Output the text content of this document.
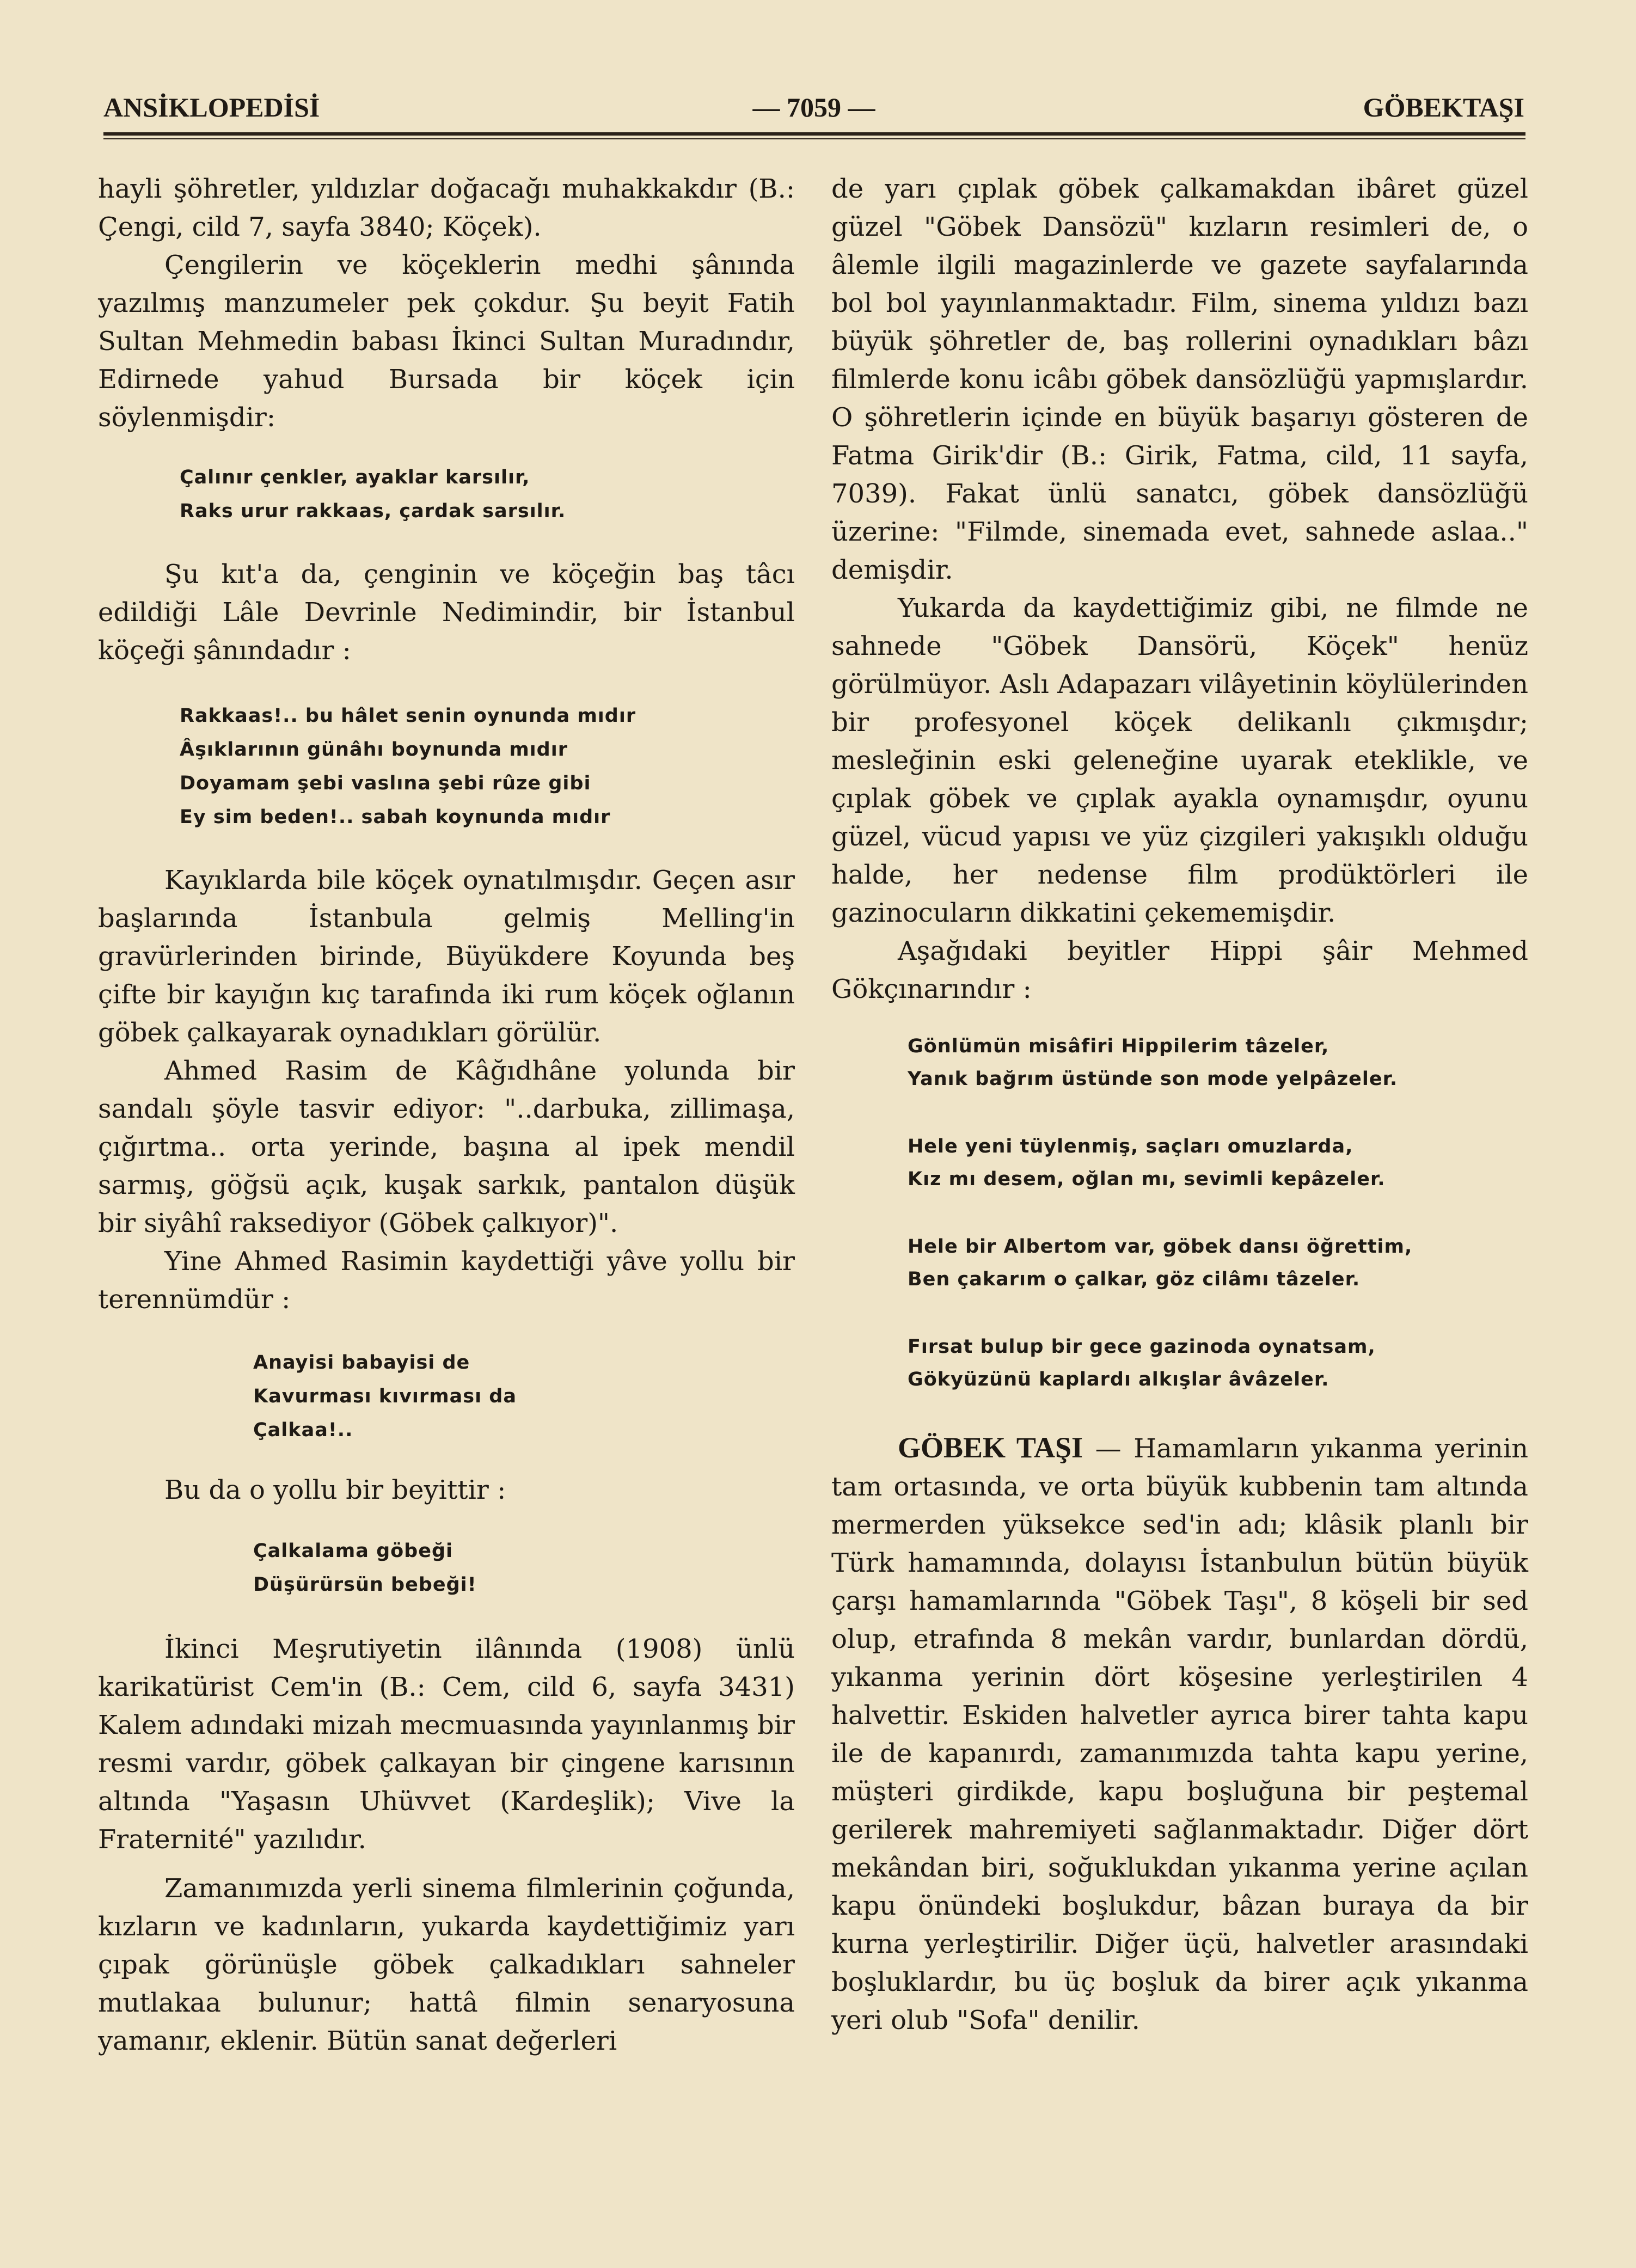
ANSİKLOPEDİSİ	— 7059 —	GÖBEKTAŞI

hayli şöhretler, yıldızlar doğacağı muhakkakdır (B.: Çengi, cild 7, sayfa 3840; Köçek).

Çengilerin ve köçeklerin medhi şânında yazılmış manzumeler pek çokdur. Şu beyit Fatih Sultan Mehmedin babası İkinci Sultan Muradındır, Edirnede yahud Bursada bir köçek için söylenmişdir:

Çalınır çenkler, ayaklar karsılır,
Raks urur rakkaas, çardak sarsılır.

Şu kıt'a da, çenginin ve köçeğin baş tâcı edildiği Lâle Devrinle Nedimindir, bir İstanbul köçeği şânındadır :

Rakkaas!.. bu hâlet senin oynunda mıdır
Âşıklarının günâhı boynunda mıdır
Doyamam şebi vaslına şebi rûze gibi
Ey sim beden!.. sabah koynunda mıdır

Kayıklarda bile köçek oynatılmışdır. Geçen asır başlarında İstanbula gelmiş Melling'in gravürlerinden birinde, Büyükdere Koyunda beş çifte bir kayığın kıç tarafında iki rum köçek oğlanın göbek çalkayarak oynadıkları görülür.

Ahmed Rasim de Kâğıdhâne yolunda bir sandalı şöyle tasvir ediyor: "..darbuka, zillimaşa, çığırtma.. orta yerinde, başına al ipek mendil sarmış, göğsü açık, kuşak sarkık, pantalon düşük bir siyâhî raksediyor (Göbek çalkıyor)".

Yine Ahmed Rasimin kaydettiği yâve yollu bir terennümdür :

Anayisi babayisi de
Kavurması kıvırması da
Çalkaa!..

Bu da o yollu bir beyittir :

Çalkalama göbeği
Düşürürsün bebeği!

İkinci Meşrutiyetin ilânında (1908) ünlü karikatürist Cem'in (B.: Cem, cild 6, sayfa 3431) Kalem adındaki mizah mecmuasında yayınlanmış bir resmi vardır, göbek çalkayan bir çingene karısının altında "Yaşasın Uhüvvet (Kardeşlik); Vive la Fraternité" yazılıdır.

Zamanımızda yerli sinema filmlerinin çoğunda, kızların ve kadınların, yukarda kaydettiğimiz yarı çıpak görünüşle göbek çalkadıkları sahneler mutlakaa bulunur; hattâ filmin senaryosuna yamanır, eklenir. Bütün sanat değerleri

de yarı çıplak göbek çalkamakdan ibâret güzel güzel "Göbek Dansözü" kızların resimleri de, o âlemle ilgili magazinlerde ve gazete sayfalarında bol bol yayınlanmaktadır. Film, sinema yıldızı bazı büyük şöhretler de, baş rollerini oynadıkları bâzı filmlerde konu icâbı göbek dansözlüğü yapmışlardır. O şöhretlerin içinde en büyük başarıyı gösteren de Fatma Girik'dir (B.: Girik, Fatma, cild, 11 sayfa, 7039). Fakat ünlü sanatcı, göbek dansözlüğü üzerine: "Filmde, sinemada evet, sahnede aslaa.." demişdir.

Yukarda da kaydettiğimiz gibi, ne filmde ne sahnede "Göbek Dansörü, Köçek" henüz görülmüyor. Aslı Adapazarı vilâyetinin köylülerinden bir profesyonel köçek delikanlı çıkmışdır; mesleğinin eski geleneğine uyarak eteklikle, ve çıplak göbek ve çıplak ayakla oynamışdır, oyunu güzel, vücud yapısı ve yüz çizgileri yakışıklı olduğu halde, her nedense film prodüktörleri ile gazinocuların dikkatini çekememişdir.

Aşağıdaki beyitler Hippi şâir Mehmed Gökçınarındır :

Gönlümün misâfiri Hippilerim tâzeler,
Yanık bağrım üstünde son mode yelpâzeler.
Hele yeni tüylenmiş, saçları omuzlarda,
Kız mı desem, oğlan mı, sevimli kepâzeler.
Hele bir Albertom var, göbek dansı öğrettim,
Ben çakarım o çalkar, göz cilâmı tâzeler.
Fırsat bulup bir gece gazinoda oynatsam,
Gökyüzünü kaplardı alkışlar âvâzeler.

GÖBEK TAŞI — Hamamların yıkanma yerinin tam ortasında, ve orta büyük kubbenin tam altında mermerden yüksekce sed'in adı; klâsik planlı bir Türk hamamında, dolayısı İstanbulun bütün büyük çarşı hamamlarında "Göbek Taşı", 8 köşeli bir sed olup, etrafında 8 mekân vardır, bunlardan dördü, yıkanma yerinin dört köşesine yerleştirilen 4 halvettir. Eskiden halvetler ayrıca birer tahta kapu ile de kapanırdı, zamanımızda tahta kapu yerine, müşteri girdikde, kapu boşluğuna bir peştemal gerilerek mahremiyeti sağlanmaktadır. Diğer dört mekândan biri, soğuklukdan yıkanma yerine açılan kapu önündeki boşlukdur, bâzan buraya da bir kurna yerleştirilir. Diğer üçü, halvetler arasındaki boşluklardır, bu üç boşluk da birer açık yıkanma yeri olub "Sofa" denilir.
